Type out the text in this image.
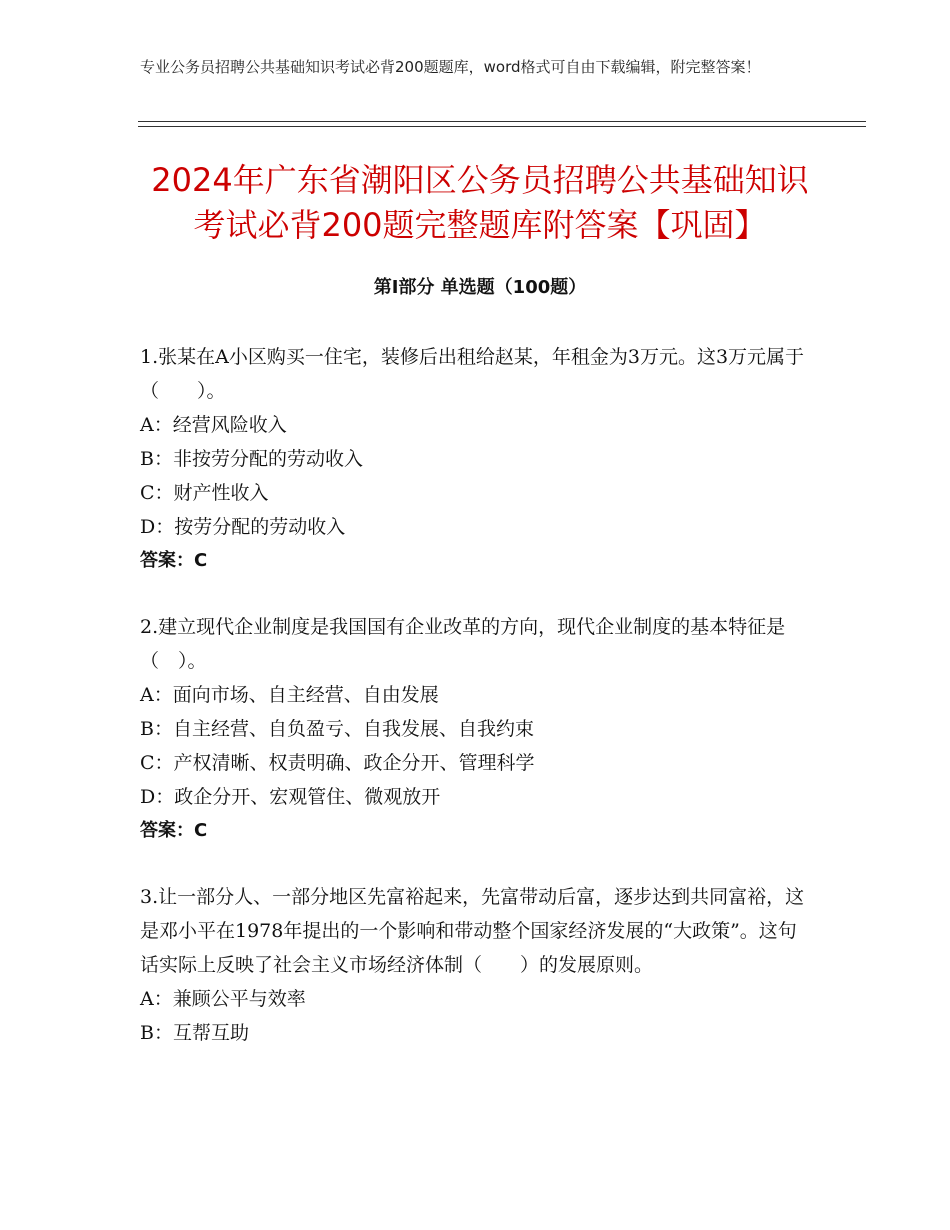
专业公务员招聘公共基础知识考试必背200题题库，word格式可自由下载编辑，附完整答案！
2024年广东省潮阳区公务员招聘公共基础知识考试必背200题完整题库附答案【巩固】
第Ⅰ部分 单选题（100题）

1.张某在A小区购买一住宅，装修后出租给赵某，年租金为3万元。这3万元属于（　　）。

A：经营风险收入

B：非按劳分配的劳动收入

C：财产性收入

D：按劳分配的劳动收入

答案：C

2.建立现代企业制度是我国国有企业改革的方向，现代企业制度的基本特征是（　）。

A：面向市场、自主经营、自由发展

B：自主经营、自负盈亏、自我发展、自我约束

C：产权清晰、权责明确、政企分开、管理科学

D：政企分开、宏观管住、微观放开

答案：C

3.让一部分人、一部分地区先富裕起来，先富带动后富，逐步达到共同富裕，这是邓小平在1978年提出的一个影响和带动整个国家经济发展的“大政策”。这句话实际上反映了社会主义市场经济体制（　　）的发展原则。

A：兼顾公平与效率

B：互帮互助
